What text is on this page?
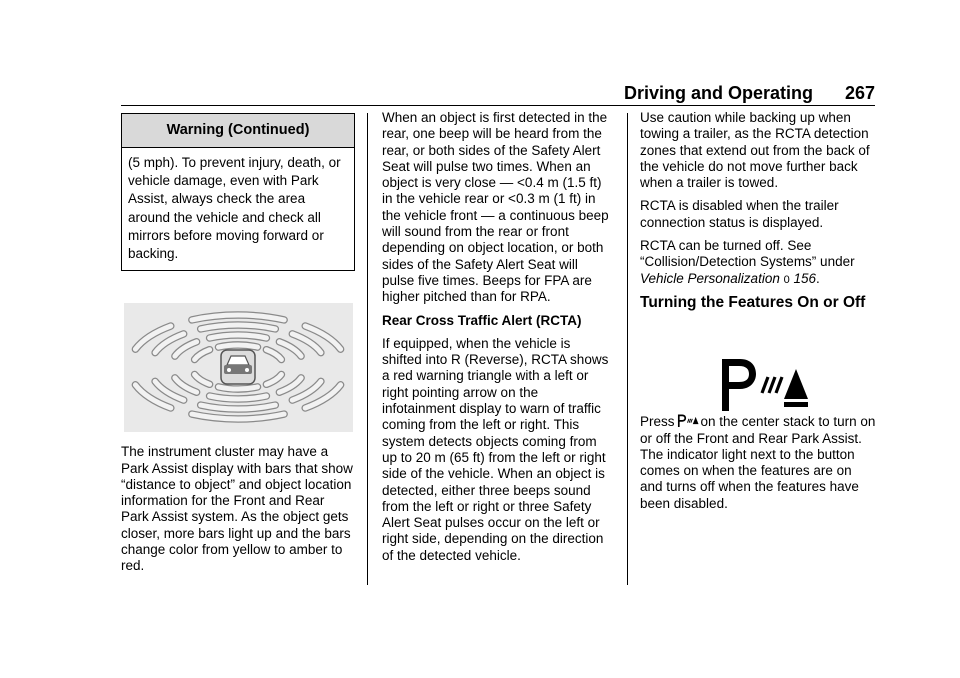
Driving and Operating 267
Warning (Continued)
(5 mph). To prevent injury, death, or vehicle damage, even with Park Assist, always check the area around the vehicle and check all mirrors before moving forward or backing.

The instrument cluster may have a Park Assist display with bars that show “distance to object” and object location information for the Front and Rear Park Assist system. As the object gets closer, more bars light up and the bars change color from yellow to amber to red.

When an object is first detected in the rear, one beep will be heard from the rear, or both sides of the Safety Alert Seat will pulse two times. When an object is very close — <0.4 m (1.5 ft) in the vehicle rear or <0.3 m (1 ft) in the vehicle front — a continuous beep will sound from the rear or front depending on object location, or both sides of the Safety Alert Seat will pulse five times. Beeps for FPA are higher pitched than for RPA.

Rear Cross Traffic Alert (RCTA)

If equipped, when the vehicle is shifted into R (Reverse), RCTA shows a red warning triangle with a left or right pointing arrow on the infotainment display to warn of traffic coming from the left or right. This system detects objects coming from up to 20 m (65 ft) from the left or right side of the vehicle. When an object is detected, either three beeps sound from the left or right or three Safety Alert Seat pulses occur on the left or right side, depending on the direction of the detected vehicle.

Use caution while backing up when towing a trailer, as the RCTA detection zones that extend out from the back of the vehicle do not move further back when a trailer is towed.

RCTA is disabled when the trailer connection status is displayed.

RCTA can be turned off. See “Collision/Detection Systems” under Vehicle Personalization 0 156.

Turning the Features On or Off

Press on the center stack to turn on or off the Front and Rear Park Assist. The indicator light next to the button comes on when the features are on and turns off when the features have been disabled.
